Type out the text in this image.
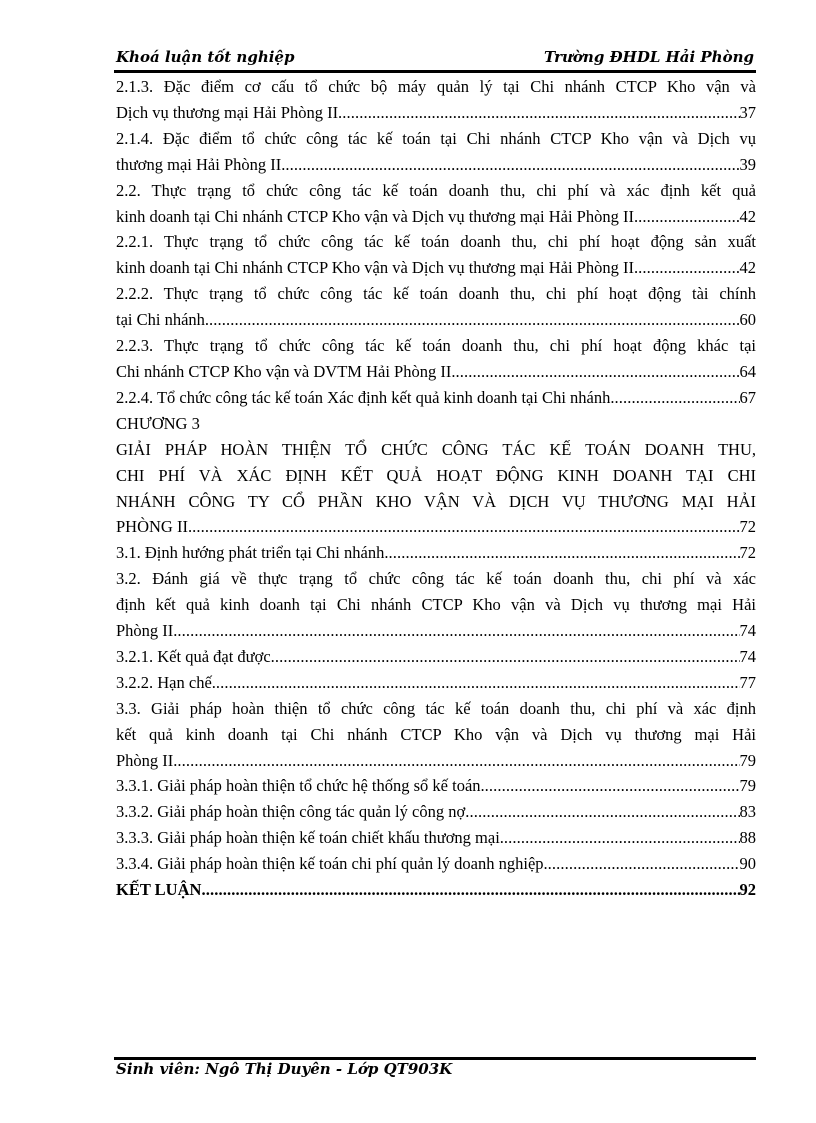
Khoá luận tốt nghiệp	Trường ĐHDL Hải Phòng
2.1.3. Đặc điểm cơ cấu tổ chức bộ máy quản lý tại Chi nhánh CTCP Kho vận và
Dịch vụ thương mại Hải Phòng II. . . .	37
2.1.4. Đặc điểm tổ chức công tác kế toán tại Chi nhánh CTCP Kho vận và Dịch vụ
thương mại Hải Phòng II. . . .	39
2.2. Thực trạng tổ chức công tác kế toán doanh thu, chi phí và xác định kết quả
kinh doanh tại Chi nhánh CTCP Kho vận và Dịch vụ thương mại Hải Phòng II. . . .	42
2.2.1. Thực trạng tổ chức công tác kế toán doanh thu, chi phí hoạt động sản xuất
kinh doanh tại Chi nhánh CTCP Kho vận và Dịch vụ thương mại Hải Phòng II. . . .	42
2.2.2. Thực trạng tổ chức công tác kế toán doanh thu, chi phí hoạt động tài chính
tại Chi nhánh. . . .	60
2.2.3. Thực trạng tổ chức công tác kế toán doanh thu, chi phí hoạt động khác tại
Chi nhánh CTCP Kho vận và DVTM Hải Phòng II. . . .	64
2.2.4. Tổ chức công tác kế toán Xác định kết quả kinh doanh tại Chi nhánh. . . .	67
CHƯƠNG 3
GIẢI PHÁP HOÀN THIỆN TỔ CHỨC CÔNG TÁC KẾ TOÁN DOANH THU,
CHI PHÍ VÀ XÁC ĐỊNH KẾT QUẢ HOẠT ĐỘNG KINH DOANH TẠI CHI
NHÁNH CÔNG TY CỔ PHẦN KHO VẬN VÀ DỊCH VỤ THƯƠNG MẠI HẢI
PHÒNG II. . . .	72
3.1. Định hướng phát triển tại Chi nhánh. . . .	72
3.2. Đánh giá về thực trạng tổ chức công tác kế toán doanh thu, chi phí và xác
định kết quả kinh doanh tại Chi nhánh CTCP Kho vận và Dịch vụ thương mại Hải
Phòng II. . . .	74
3.2.1. Kết quả đạt được . . .	74
3.2.2. Hạn chế. . . .	77
3.3. Giải pháp hoàn thiện tổ chức công tác kế toán doanh thu, chi phí và xác định
kết quả kinh doanh tại Chi nhánh CTCP Kho vận và Dịch vụ thương mại Hải
Phòng II. . . .	79
3.3.1. Giải pháp hoàn thiện tổ chức hệ thống sổ kế toán. . . .	79
3.3.2. Giải pháp hoàn thiện công tác quản lý công nợ . . .	83
3.3.3. Giải pháp hoàn thiện kế toán chiết khấu thương mại. . . .	88
3.3.4. Giải pháp hoàn thiện kế toán chi phí quản lý doanh nghiệp. . . .	90
KẾT LUẬN . . .	92
Sinh viên: Ngô Thị Duyên - Lớp QT903K
